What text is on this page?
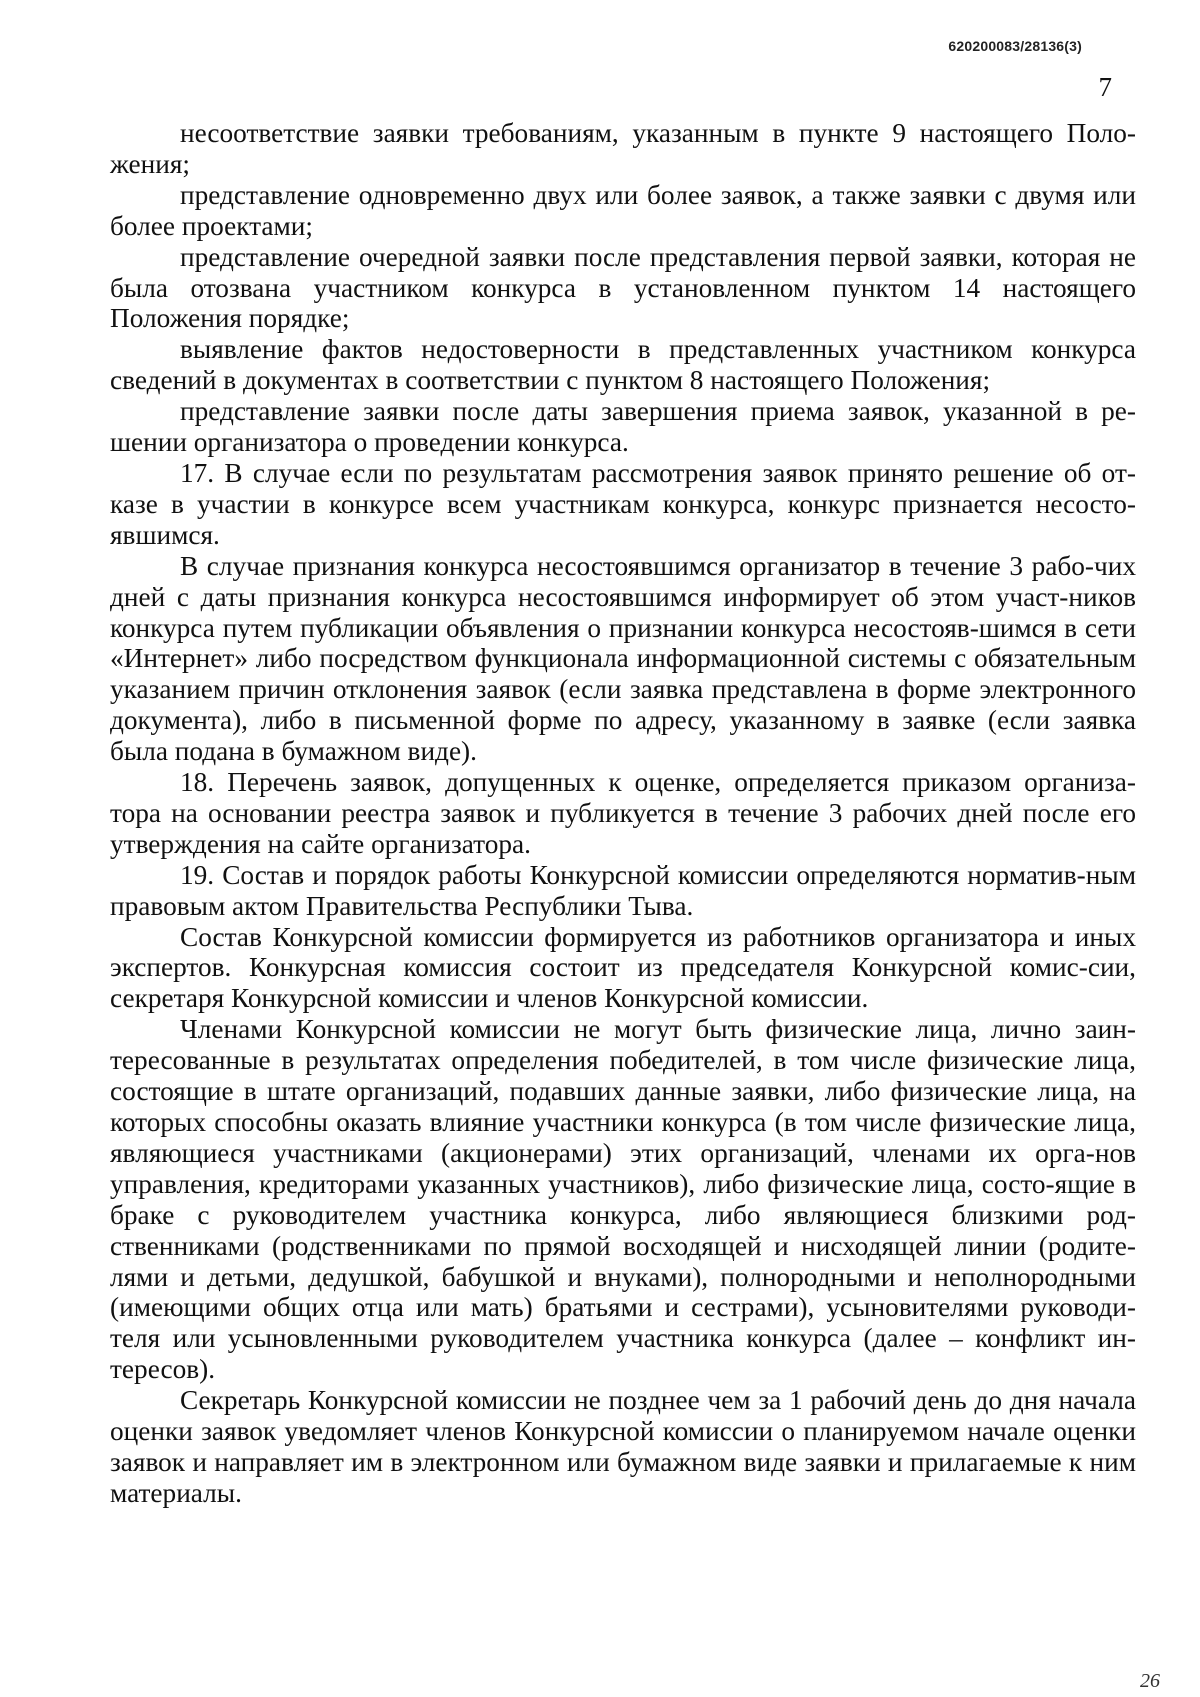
620200083/28136(3)
7

несоответствие заявки требованиям, указанным в пункте 9 настоящего Поло-жения;

представление одновременно двух или более заявок, а также заявки с двумя или более проектами;

представление очередной заявки после представления первой заявки, которая не была отозвана участником конкурса в установленном пунктом 14 настоящего Положения порядке;

выявление фактов недостоверности в представленных участником конкурса сведений в документах в соответствии с пунктом 8 настоящего Положения;

представление заявки после даты завершения приема заявок, указанной в ре-шении организатора о проведении конкурса.

17. В случае если по результатам рассмотрения заявок принято решение об от-казе в участии в конкурсе всем участникам конкурса, конкурс признается несосто-явшимся.

В случае признания конкурса несостоявшимся организатор в течение 3 рабо-чих дней с даты признания конкурса несостоявшимся информирует об этом участ-ников конкурса путем публикации объявления о признании конкурса несостояв-шимся в сети «Интернет» либо посредством функционала информационной системы с обязательным указанием причин отклонения заявок (если заявка представлена в форме электронного документа), либо в письменной форме по адресу, указанному в заявке (если заявка была подана в бумажном виде).

18. Перечень заявок, допущенных к оценке, определяется приказом организа-тора на основании реестра заявок и публикуется в течение 3 рабочих дней после его утверждения на сайте организатора.

19. Состав и порядок работы Конкурсной комиссии определяются норматив-ным правовым актом Правительства Республики Тыва.

Состав Конкурсной комиссии формируется из работников организатора и иных экспертов. Конкурсная комиссия состоит из председателя Конкурсной комис-сии, секретаря Конкурсной комиссии и членов Конкурсной комиссии.

Членами Конкурсной комиссии не могут быть физические лица, лично заин-тересованные в результатах определения победителей, в том числе физические лица, состоящие в штате организаций, подавших данные заявки, либо физические лица, на которых способны оказать влияние участники конкурса (в том числе физические лица, являющиеся участниками (акционерами) этих организаций, членами их орга-нов управления, кредиторами указанных участников), либо физические лица, состо-ящие в браке с руководителем участника конкурса, либо являющиеся близкими род-ственниками (родственниками по прямой восходящей и нисходящей линии (родите-лями и детьми, дедушкой, бабушкой и внуками), полнородными и неполнородными (имеющими общих отца или мать) братьями и сестрами), усыновителями руководи-теля или усыновленными руководителем участника конкурса (далее – конфликт ин-тересов).

Секретарь Конкурсной комиссии не позднее чем за 1 рабочий день до дня начала оценки заявок уведомляет членов Конкурсной комиссии о планируемом начале оценки заявок и направляет им в электронном или бумажном виде заявки и прилагаемые к ним материалы.

26
